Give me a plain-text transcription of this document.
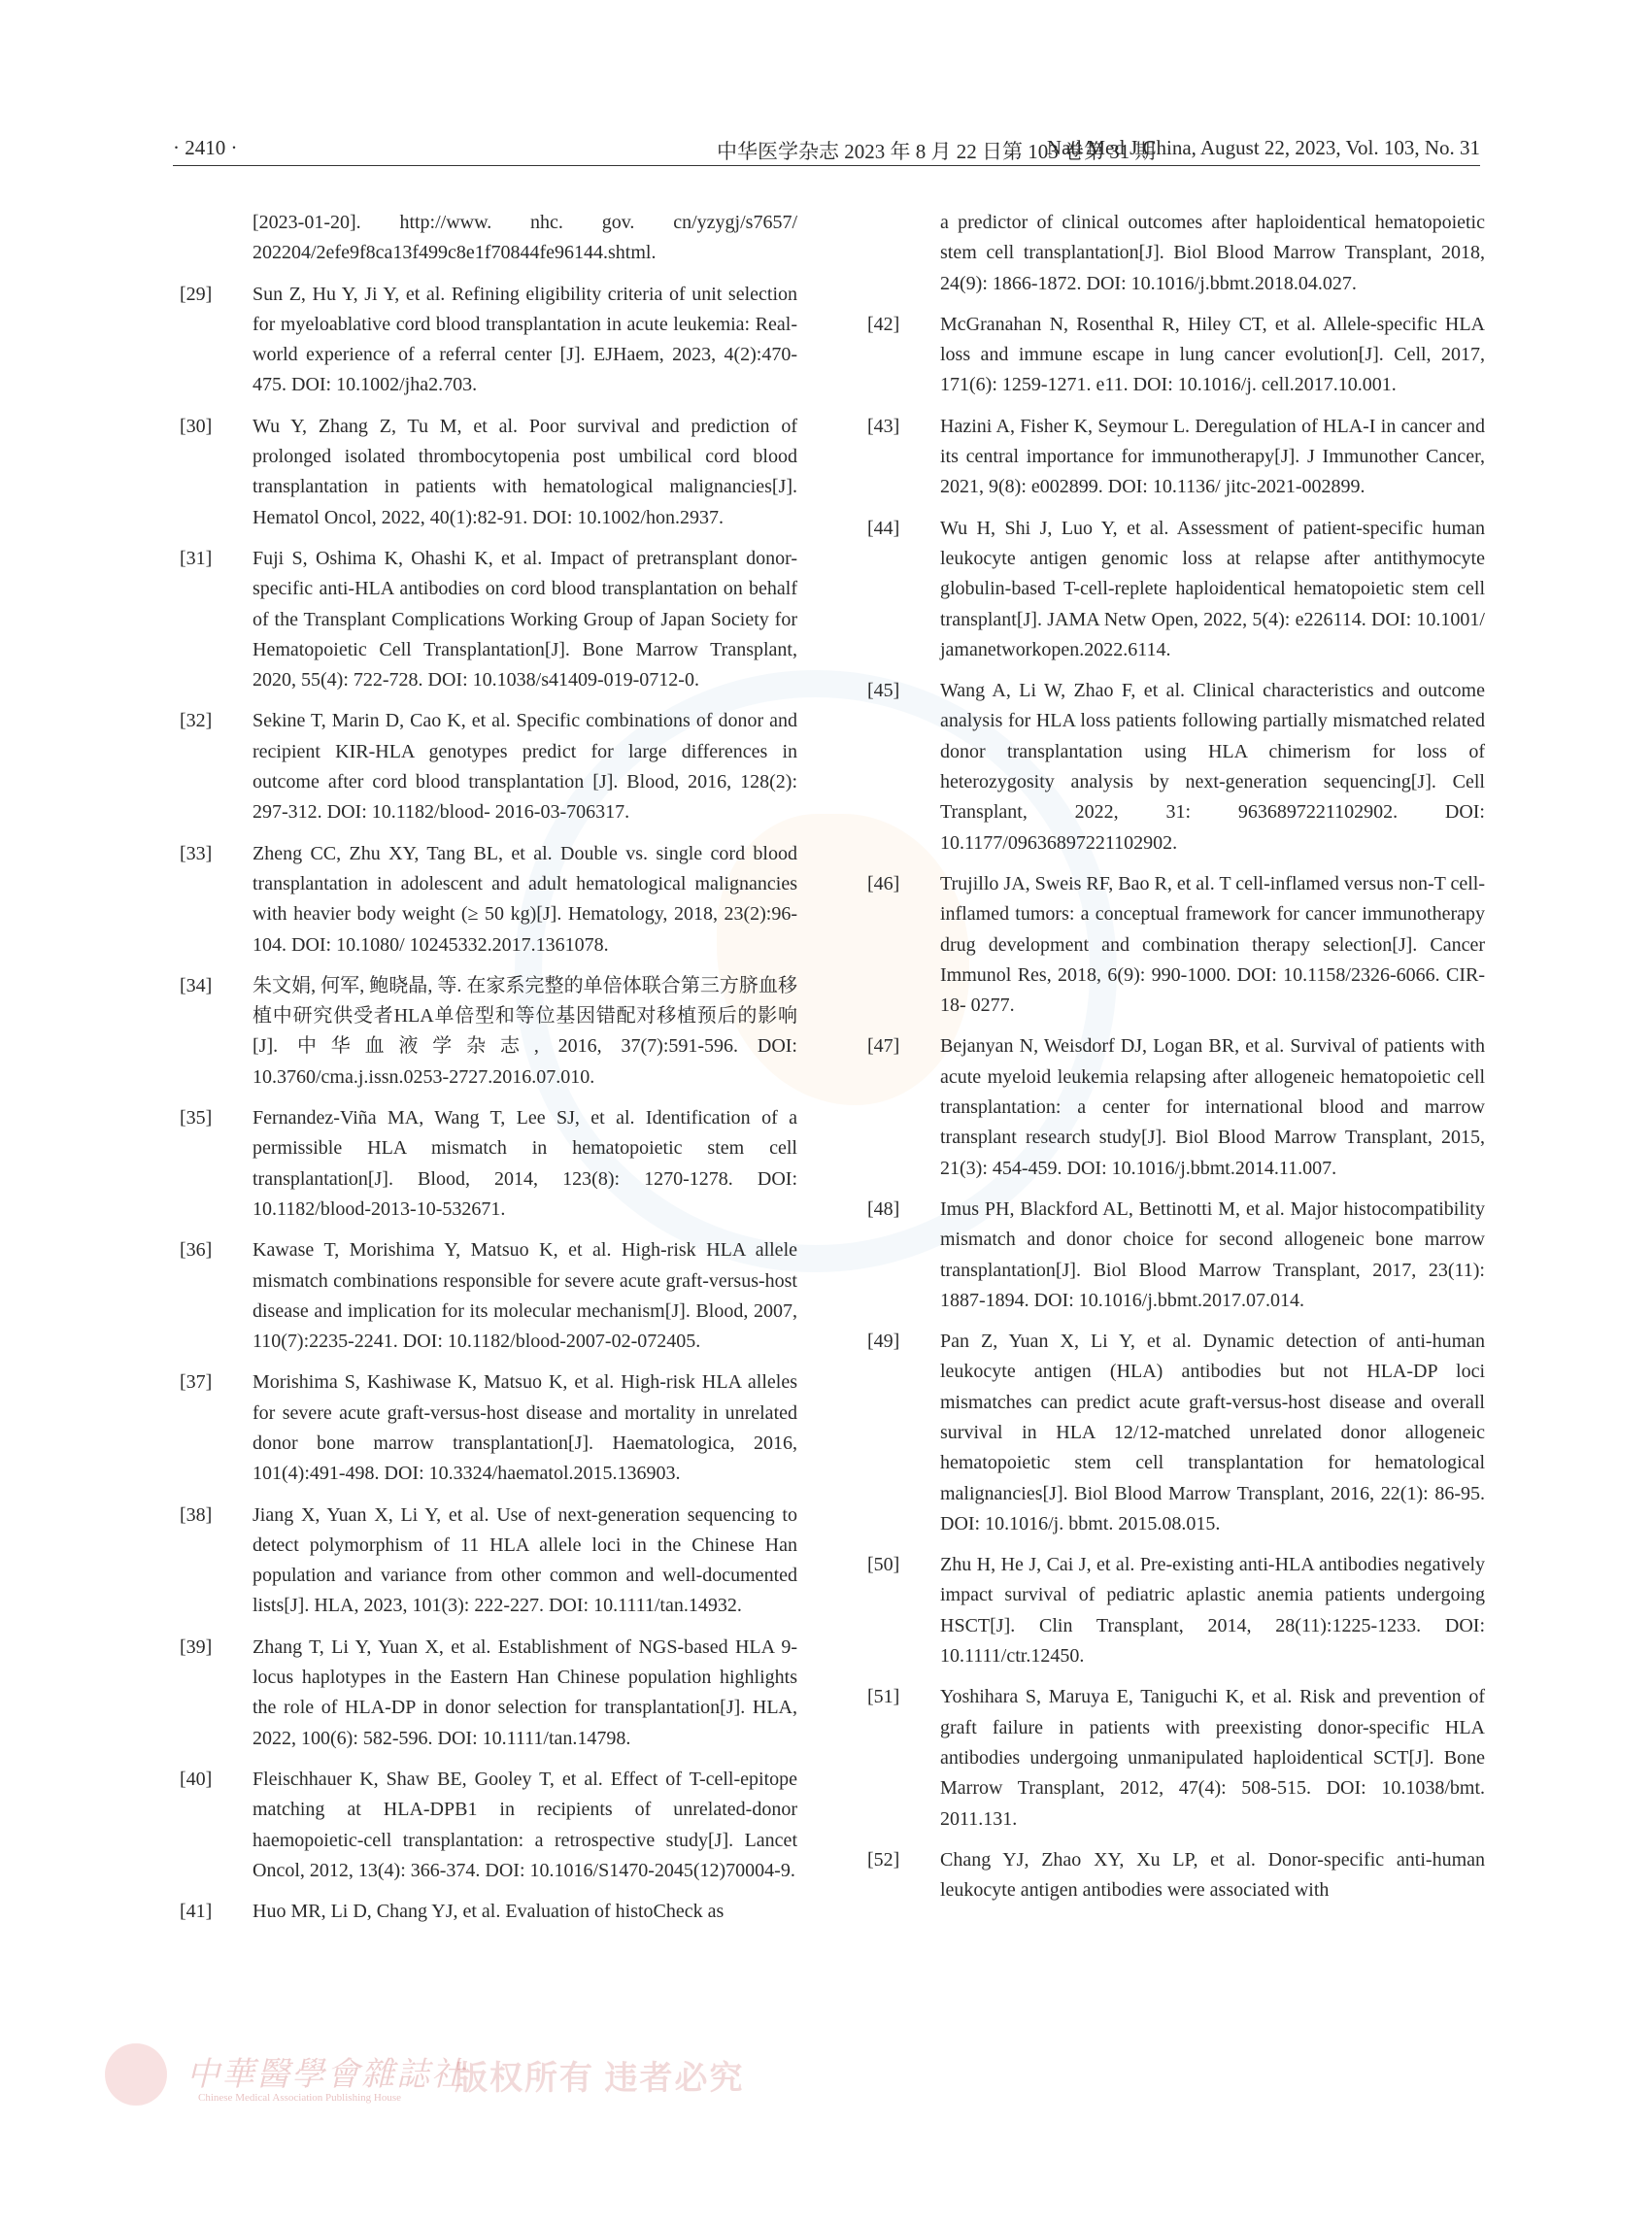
· 2410 ·	中华医学杂志 2023 年 8 月 22 日第 103 卷第 31 期
Natl Med J China, August 22, 2023, Vol. 103, No. 31
[2023-01-20]. http://www. nhc. gov. cn/yzygj/s7657/ 202204/2efe9f8ca13f499c8e1f70844fe96144.shtml.
[29] Sun Z, Hu Y, Ji Y, et al. Refining eligibility criteria of unit selection for myeloablative cord blood transplantation in acute leukemia: Real-world experience of a referral center [J]. EJHaem, 2023, 4(2):470-475. DOI: 10.1002/jha2.703.
[30] Wu Y, Zhang Z, Tu M, et al. Poor survival and prediction of prolonged isolated thrombocytopenia post umbilical cord blood transplantation in patients with hematological malignancies[J]. Hematol Oncol, 2022, 40(1):82-91. DOI: 10.1002/hon.2937.
[31] Fuji S, Oshima K, Ohashi K, et al. Impact of pretransplant donor-specific anti-HLA antibodies on cord blood transplantation on behalf of the Transplant Complications Working Group of Japan Society for Hematopoietic Cell Transplantation[J]. Bone Marrow Transplant, 2020, 55(4): 722-728. DOI: 10.1038/s41409-019-0712-0.
[32] Sekine T, Marin D, Cao K, et al. Specific combinations of donor and recipient KIR-HLA genotypes predict for large differences in outcome after cord blood transplantation [J]. Blood, 2016, 128(2): 297-312. DOI: 10.1182/blood- 2016-03-706317.
[33] Zheng CC, Zhu XY, Tang BL, et al. Double vs. single cord blood transplantation in adolescent and adult hematological malignancies with heavier body weight (≥ 50 kg)[J]. Hematology, 2018, 23(2):96-104. DOI: 10.1080/ 10245332.2017.1361078.
[34] 朱文娟, 何军, 鲍晓晶, 等. 在家系完整的单倍体联合第三方脐血移植中研究供受者HLA单倍型和等位基因错配对移植预后的影响 [J]. 中华血液学杂志, 2016, 37(7):591-596. DOI: 10.3760/cma.j.issn.0253-2727.2016.07.010.
[35] Fernandez-Viña MA, Wang T, Lee SJ, et al. Identification of a permissible HLA mismatch in hematopoietic stem cell transplantation[J]. Blood, 2014, 123(8): 1270-1278. DOI: 10.1182/blood-2013-10-532671.
[36] Kawase T, Morishima Y, Matsuo K, et al. High-risk HLA allele mismatch combinations responsible for severe acute graft-versus-host disease and implication for its molecular mechanism[J]. Blood, 2007, 110(7):2235-2241. DOI: 10.1182/blood-2007-02-072405.
[37] Morishima S, Kashiwase K, Matsuo K, et al. High-risk HLA alleles for severe acute graft-versus-host disease and mortality in unrelated donor bone marrow transplantation[J]. Haematologica, 2016, 101(4):491-498. DOI: 10.3324/haematol.2015.136903.
[38] Jiang X, Yuan X, Li Y, et al. Use of next-generation sequencing to detect polymorphism of 11 HLA allele loci in the Chinese Han population and variance from other common and well-documented lists[J]. HLA, 2023, 101(3): 222-227. DOI: 10.1111/tan.14932.
[39] Zhang T, Li Y, Yuan X, et al. Establishment of NGS-based HLA 9-locus haplotypes in the Eastern Han Chinese population highlights the role of HLA-DP in donor selection for transplantation[J]. HLA, 2022, 100(6): 582-596. DOI: 10.1111/tan.14798.
[40] Fleischhauer K, Shaw BE, Gooley T, et al. Effect of T-cell-epitope matching at HLA-DPB1 in recipients of unrelated-donor haemopoietic-cell transplantation: a retrospective study[J]. Lancet Oncol, 2012, 13(4): 366-374. DOI: 10.1016/S1470-2045(12)70004-9.
[41] Huo MR, Li D, Chang YJ, et al. Evaluation of histoCheck as
a predictor of clinical outcomes after haploidentical hematopoietic stem cell transplantation[J]. Biol Blood Marrow Transplant, 2018, 24(9): 1866-1872. DOI: 10.1016/j.bbmt.2018.04.027.
[42] McGranahan N, Rosenthal R, Hiley CT, et al. Allele-specific HLA loss and immune escape in lung cancer evolution[J]. Cell, 2017, 171(6): 1259-1271. e11. DOI: 10.1016/j. cell.2017.10.001.
[43] Hazini A, Fisher K, Seymour L. Deregulation of HLA-I in cancer and its central importance for immunotherapy[J]. J Immunother Cancer, 2021, 9(8): e002899. DOI: 10.1136/ jitc-2021-002899.
[44] Wu H, Shi J, Luo Y, et al. Assessment of patient-specific human leukocyte antigen genomic loss at relapse after antithymocyte globulin-based T-cell-replete haploidentical hematopoietic stem cell transplant[J]. JAMA Netw Open, 2022, 5(4): e226114. DOI: 10.1001/ jamanetworkopen.2022.6114.
[45] Wang A, Li W, Zhao F, et al. Clinical characteristics and outcome analysis for HLA loss patients following partially mismatched related donor transplantation using HLA chimerism for loss of heterozygosity analysis by next-generation sequencing[J]. Cell Transplant, 2022, 31: 9636897221102902. DOI: 10.1177/09636897221102902.
[46] Trujillo JA, Sweis RF, Bao R, et al. T cell-inflamed versus non-T cell-inflamed tumors: a conceptual framework for cancer immunotherapy drug development and combination therapy selection[J]. Cancer Immunol Res, 2018, 6(9): 990-1000. DOI: 10.1158/2326-6066. CIR-18- 0277.
[47] Bejanyan N, Weisdorf DJ, Logan BR, et al. Survival of patients with acute myeloid leukemia relapsing after allogeneic hematopoietic cell transplantation: a center for international blood and marrow transplant research study[J]. Biol Blood Marrow Transplant, 2015, 21(3): 454-459. DOI: 10.1016/j.bbmt.2014.11.007.
[48] Imus PH, Blackford AL, Bettinotti M, et al. Major histocompatibility mismatch and donor choice for second allogeneic bone marrow transplantation[J]. Biol Blood Marrow Transplant, 2017, 23(11): 1887-1894. DOI: 10.1016/j.bbmt.2017.07.014.
[49] Pan Z, Yuan X, Li Y, et al. Dynamic detection of anti-human leukocyte antigen (HLA) antibodies but not HLA-DP loci mismatches can predict acute graft-versus-host disease and overall survival in HLA 12/12-matched unrelated donor allogeneic hematopoietic stem cell transplantation for hematological malignancies[J]. Biol Blood Marrow Transplant, 2016, 22(1): 86-95. DOI: 10.1016/j. bbmt. 2015.08.015.
[50] Zhu H, He J, Cai J, et al. Pre-existing anti-HLA antibodies negatively impact survival of pediatric aplastic anemia patients undergoing HSCT[J]. Clin Transplant, 2014, 28(11):1225-1233. DOI: 10.1111/ctr.12450.
[51] Yoshihara S, Maruya E, Taniguchi K, et al. Risk and prevention of graft failure in patients with preexisting donor-specific HLA antibodies undergoing unmanipulated haploidentical SCT[J]. Bone Marrow Transplant, 2012, 47(4): 508-515. DOI: 10.1038/bmt. 2011.131.
[52] Chang YJ, Zhao XY, Xu LP, et al. Donor-specific anti-human leukocyte antigen antibodies were associated with
中華醫學會雜誌社
Chinese Medical Association Publishing House
版权所有 违者必究
